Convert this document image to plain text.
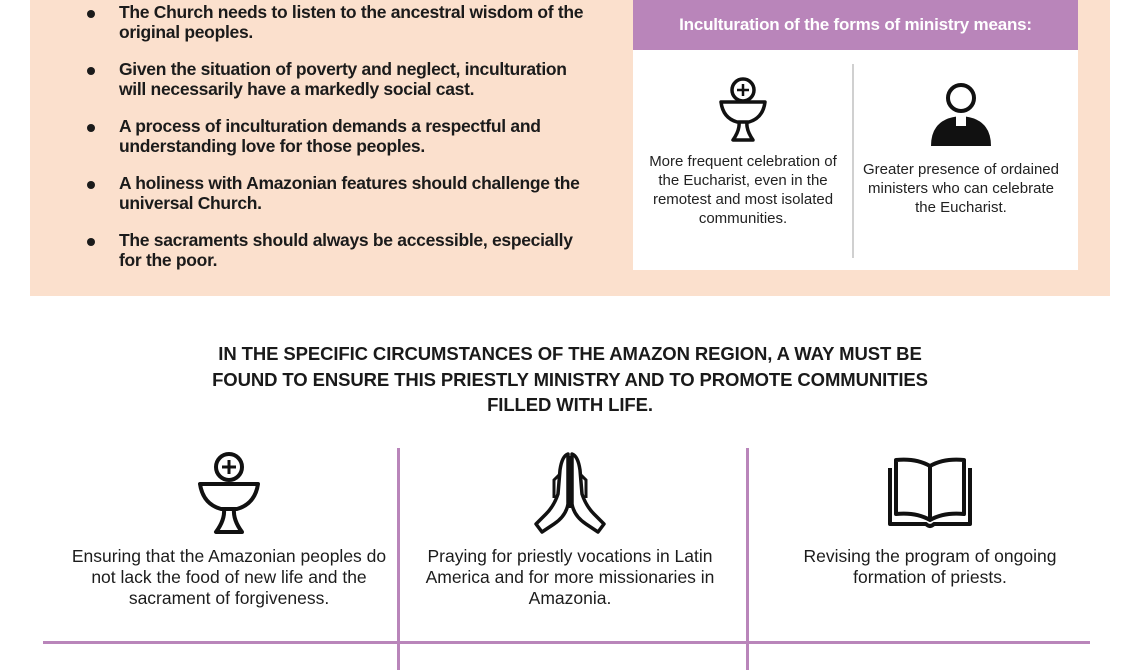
The Church needs to listen to the ancestral wisdom of the original peoples.
Given the situation of poverty and neglect, inculturation will necessarily have a markedly social cast.
A process of inculturation demands a respectful and understanding love for those peoples.
A holiness with Amazonian features should challenge the universal Church.
The sacraments should always be accessible, especially for the poor.
Inculturation of the forms of ministry means:
More frequent celebration of the Eucharist, even in the remotest and most isolated communities.
Greater presence of ordained ministers who can celebrate the Eucharist.
IN THE SPECIFIC CIRCUMSTANCES OF THE AMAZON REGION, A WAY MUST BE FOUND TO ENSURE THIS PRIESTLY MINISTRY AND TO PROMOTE COMMUNITIES FILLED WITH LIFE.
Ensuring that the Amazonian peoples do not lack the food of new life and the sacrament of forgiveness.
Praying for priestly vocations in Latin America and for more missionaries in Amazonia.
Revising the program of ongoing formation of priests.
